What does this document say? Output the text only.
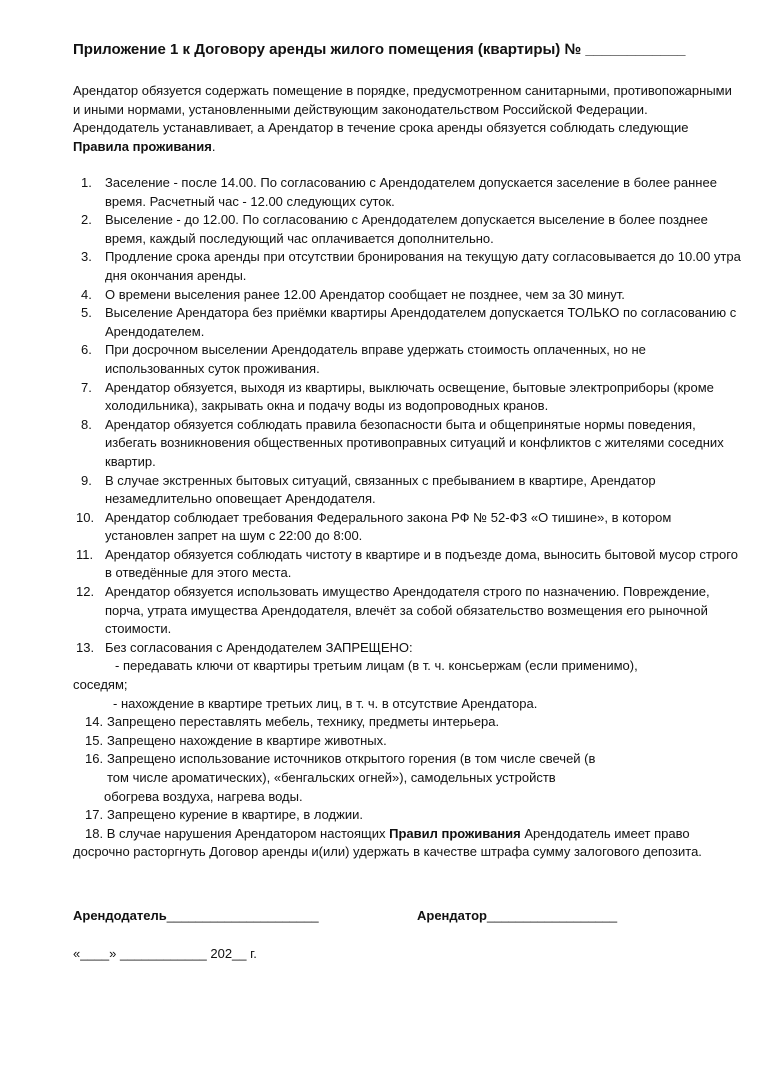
Приложение 1 к Договору аренды жилого помещения (квартиры) № ____________

Арендатор обязуется содержать помещение в порядке, предусмотренном санитарными, противопожарными и иными нормами, установленными действующим законодательством Российской Федерации.

Арендодатель устанавливает, а Арендатор в течение срока аренды обязуется соблюдать следующие Правила проживания.

1.	Заселение - после 14.00. По согласованию с Арендодателем допускается заселение в более раннее время. Расчетный час - 12.00 следующих суток.
2.	Выселение - до 12.00. По согласованию с Арендодателем допускается выселение в более позднее время, каждый последующий час оплачивается дополнительно.
3.	Продление срока аренды при отсутствии бронирования на текущую дату согласовывается до 10.00 утра дня окончания аренды.
4.	О времени выселения ранее 12.00 Арендатор сообщает не позднее, чем за 30 минут.
5.	Выселение Арендатора без приёмки квартиры Арендодателем допускается ТОЛЬКО по согласованию с Арендодателем.
6.	При досрочном выселении Арендодатель вправе удержать стоимость оплаченных, но не использованных суток проживания.
7.	Арендатор обязуется, выходя из квартиры, выключать освещение, бытовые электроприборы (кроме холодильника), закрывать окна и подачу воды из водопроводных кранов.
8.	Арендатор обязуется соблюдать правила безопасности быта и общепринятые нормы поведения, избегать возникновения общественных противоправных ситуаций и конфликтов с жителями соседних квартир.
9.	В случае экстренных бытовых ситуаций, связанных с пребыванием в квартире, Арендатор незамедлительно оповещает Арендодателя.
10. Арендатор соблюдает требования Федерального закона РФ № 52-ФЗ «О тишине», в котором установлен запрет на шум с 22:00 до 8:00.
11. Арендатор обязуется соблюдать чистоту в квартире и в подъезде дома, выносить бытовой мусор строго в отведённые для этого места.
12. Арендатор обязуется использовать имущество Арендодателя строго по назначению. Повреждение, порча, утрата имущества Арендодателя, влечёт за собой обязательство возмещения его рыночной стоимости.
13. Без согласования с Арендодателем ЗАПРЕЩЕНО:
- передавать ключи от квартиры третьим лицам (в т. ч. консьержам (если применимо),
соседям;
- нахождение в квартире третьих лиц, в т. ч. в отсутствие Арендатора.
14. Запрещено переставлять мебель, технику, предметы интерьера.
15. Запрещено нахождение в квартире животных.
16. Запрещено использование источников открытого горения (в том числе свечей (в
том числе ароматических), «бенгальских огней»), самодельных устройств
обогрева воздуха, нагрева воды.
17. Запрещено курение в квартире, в лоджии.
18. В случае нарушения Арендатором настоящих Правил проживания Арендодатель имеет право досрочно расторгнуть Договор аренды и(или) удержать в качестве штрафа сумму залогового депозита.
Арендодатель_____________________	Арендатор__________________
«____» ____________ 202__ г.
